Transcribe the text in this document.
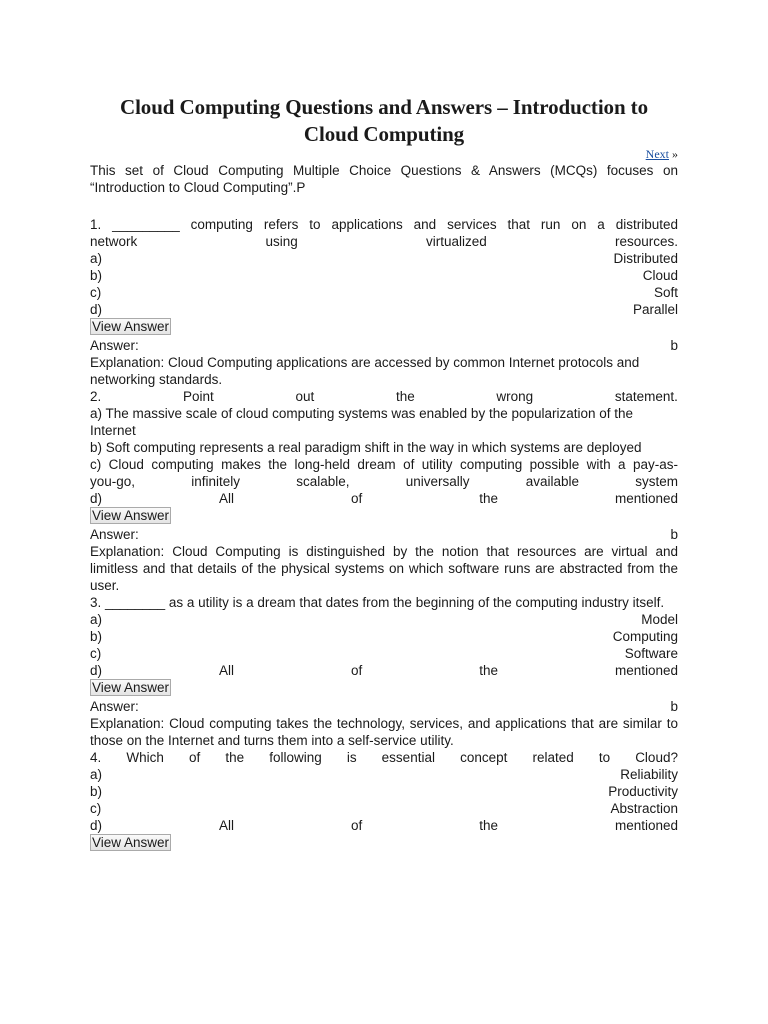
Cloud Computing Questions and Answers – Introduction to
Cloud Computing
Next »
This set of Cloud Computing Multiple Choice Questions & Answers (MCQs) focuses on “Introduction to Cloud Computing”.P
1. _________ computing refers to applications and services that run on a distributed
network	using	virtualized	resources.
a)	Distributed
b)	Cloud
c)	Soft
d)	Parallel
View Answer
Answer:	b
Explanation: Cloud Computing applications are accessed by common Internet protocols and networking standards.
2.	Point	out	the	wrong	statement.
a) The massive scale of cloud computing systems was enabled by the popularization of the Internet
b) Soft computing represents a real paradigm shift in the way in which systems are deployed
c) Cloud computing makes the long-held dream of utility computing possible with a pay-as-
you-go,	infinitely	scalable,	universally	available	system
d)	All	of	the	mentioned
View Answer
Answer:	b
Explanation: Cloud Computing is distinguished by the notion that resources are virtual and limitless and that details of the physical systems on which software runs are abstracted from the user.
3. ________ as a utility is a dream that dates from the beginning of the computing industry itself.
a)	Model
b)	Computing
c)	Software
d)	All	of	the	mentioned
View Answer
Answer:	b
Explanation: Cloud computing takes the technology, services, and applications that are similar to those on the Internet and turns them into a self-service utility.
4. Which of the following is essential concept related to Cloud?
a)	Reliability
b)	Productivity
c)	Abstraction
d)	All	of	the	mentioned
View Answer
